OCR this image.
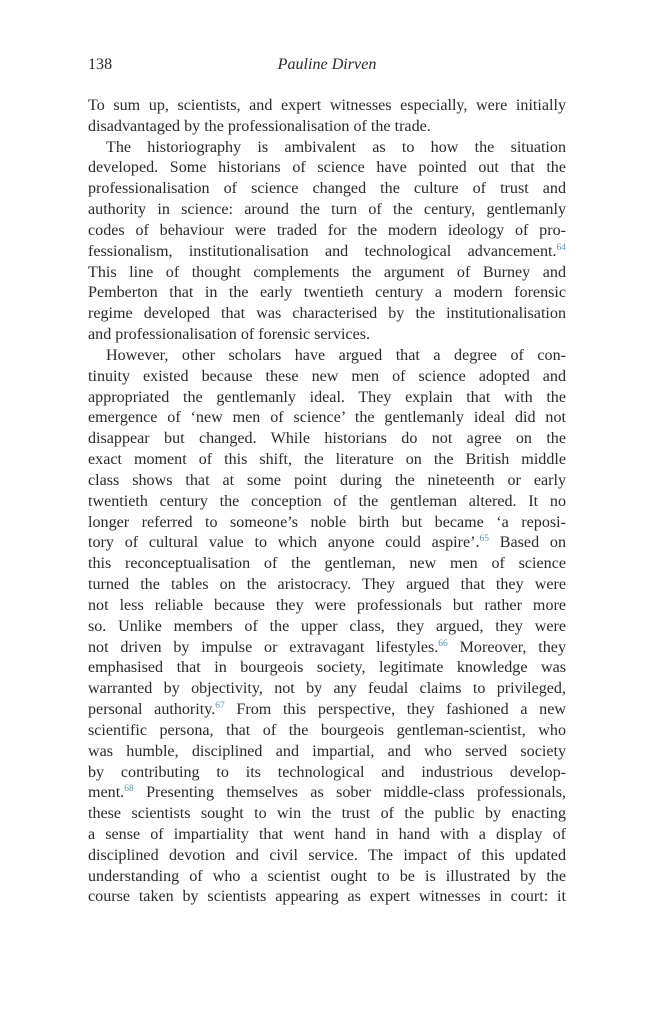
138	Pauline Dirven
To sum up, scientists, and expert witnesses especially, were initially
disadvantaged by the professionalisation of the trade.
The historiography is ambivalent as to how the situation
developed. Some historians of science have pointed out that the
professionalisation of science changed the culture of trust and
authority in science: around the turn of the century, gentlemanly
codes of behaviour were traded for the modern ideology of pro-
fessionalism, institutionalisation and technological advancement.$^{64}$
This line of thought complements the argument of Burney and
Pemberton that in the early twentieth century a modern forensic
regime developed that was characterised by the institutionalisation
and professionalisation of forensic services.
However, other scholars have argued that a degree of con-
tinuity existed because these new men of science adopted and
appropriated the gentlemanly ideal. They explain that with the
emergence of ‘new men of science’ the gentlemanly ideal did not
disappear but changed. While historians do not agree on the
exact moment of this shift, the literature on the British middle
class shows that at some point during the nineteenth or early
twentieth century the conception of the gentleman altered. It no
longer referred to someone’s noble birth but became ‘a reposi-
tory of cultural value to which anyone could aspire’.$^{65}$ Based on
this reconceptualisation of the gentleman, new men of science
turned the tables on the aristocracy. They argued that they were
not less reliable because they were professionals but rather more
so. Unlike members of the upper class, they argued, they were
not driven by impulse or extravagant lifestyles.$^{66}$ Moreover, they
emphasised that in bourgeois society, legitimate knowledge was
warranted by objectivity, not by any feudal claims to privileged,
personal authority.$^{67}$ From this perspective, they fashioned a new
scientific persona, that of the bourgeois gentleman-scientist, who
was humble, disciplined and impartial, and who served society
by contributing to its technological and industrious develop-
ment.$^{68}$ Presenting themselves as sober middle-class professionals,
these scientists sought to win the trust of the public by enacting
a sense of impartiality that went hand in hand with a display of
disciplined devotion and civil service. The impact of this updated
understanding of who a scientist ought to be is illustrated by the
course taken by scientists appearing as expert witnesses in court: it
